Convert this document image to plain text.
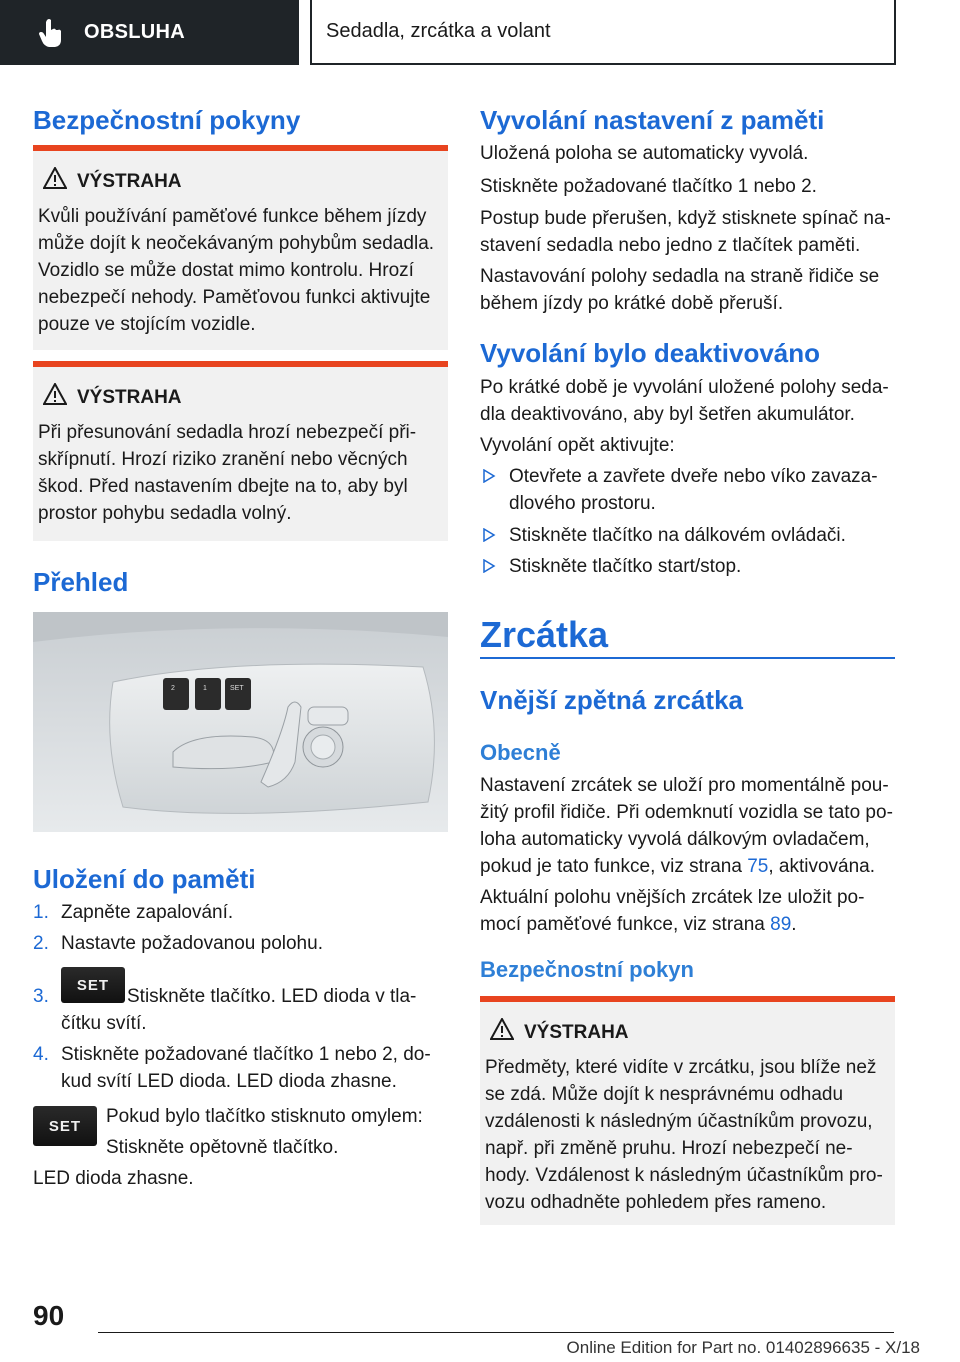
OBSLUHA	Sedadla, zrcátka a volant
Bezpečnostní pokyny
VÝSTRAHA
Kvůli používání paměťové funkce během jízdy
může dojít k neočekávaným pohybům sedadla.
Vozidlo se může dostat mimo kontrolu. Hrozí
nebezpečí nehody. Paměťovou funkci aktivujte
pouze ve stojícím vozidle.
VÝSTRAHA
Při přesunování sedadla hrozí nebezpečí při-
skřípnutí. Hrozí riziko zranění nebo věcných
škod. Před nastavením dbejte na to, aby byl
prostor pohybu sedadla volný.
Přehled
2	1	SET
Uložení do paměti
1. Zapněte zapalování.
2. Nastavte požadovanou polohu.
3.
SET
Stiskněte tlačítko. LED dioda v tla-
čítku svítí.
4. Stiskněte požadované tlačítko 1 nebo 2, do-
kud svítí LED dioda. LED dioda zhasne.
SET Pokud bylo tlačítko stisknuto omylem:
Stiskněte opětovně tlačítko.
LED dioda zhasne.
Vyvolání nastavení z paměti
Uložená poloha se automaticky vyvolá.
Stiskněte požadované tlačítko 1 nebo 2.
Postup bude přerušen, když stisknete spínač na-
stavení sedadla nebo jedno z tlačítek paměti.
Nastavování polohy sedadla na straně řidiče se
během jízdy po krátké době přeruší.
Vyvolání bylo deaktivováno
Po krátké době je vyvolání uložené polohy seda-
dla deaktivováno, aby byl šetřen akumulátor.
Vyvolání opět aktivujte:
Otevřete a zavřete dveře nebo víko zavaza-
dlového prostoru.
Stiskněte tlačítko na dálkovém ovládači.
Stiskněte tlačítko start/stop.
Zrcátka
Vnější zpětná zrcátka
Obecně
Nastavení zrcátek se uloží pro momentálně pou-
žitý profil řidiče. Při odemknutí vozidla se tato po-
loha automaticky vyvolá dálkovým ovladačem,
pokud je tato funkce, viz strana 75, aktivována.
Aktuální polohu vnějších zrcátek lze uložit po-
mocí paměťové funkce, viz strana 89.
Bezpečnostní pokyn
VÝSTRAHA
Předměty, které vidíte v zrcátku, jsou blíže než
se zdá. Může dojít k nesprávnému odhadu
vzdálenosti k následným účastníkům provozu,
např. při změně pruhu. Hrozí nebezpečí ne-
hody. Vzdálenost k následným účastníkům pro-
vozu odhadněte pohledem přes rameno.
90
Online Edition for Part no. 01402896635 - X/18
